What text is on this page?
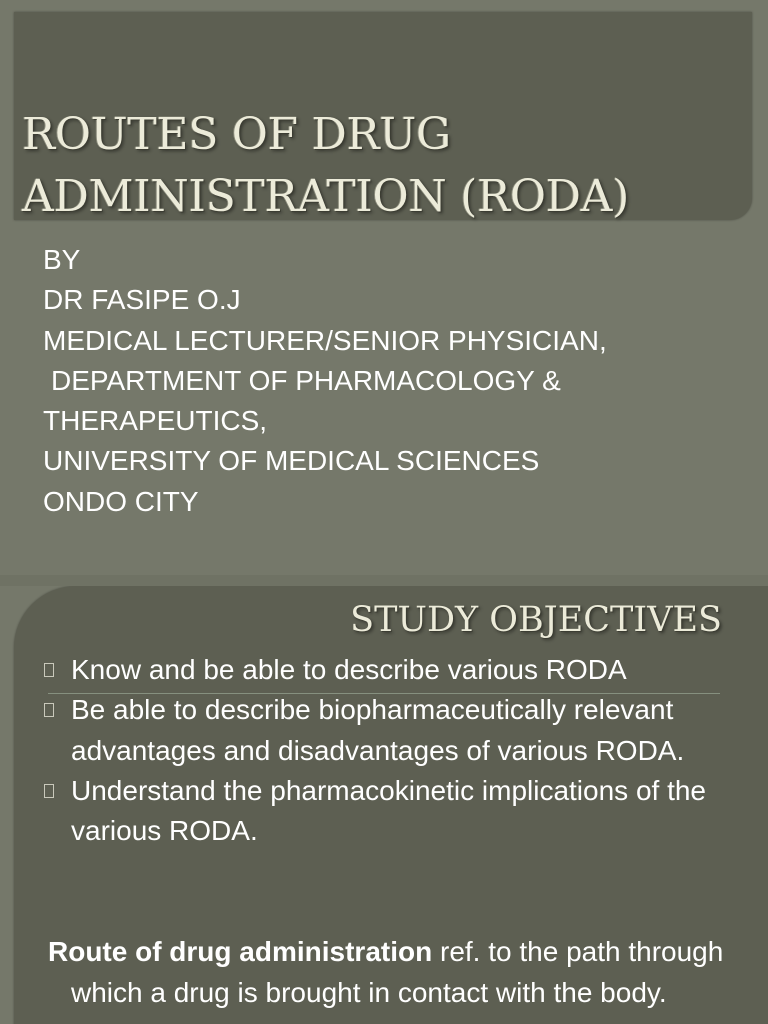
ROUTES OF DRUG
ADMINISTRATION (RODA)
BY
DR FASIPE O.J
MEDICAL LECTURER/SENIOR PHYSICIAN,
DEPARTMENT OF PHARMACOLOGY &
THERAPEUTICS,
UNIVERSITY OF MEDICAL SCIENCES
ONDO CITY
STUDY OBJECTIVES
Know and be able to describe various RODA
Be able to describe biopharmaceutically relevant advantages and disadvantages of various RODA.
Understand the pharmacokinetic implications of the various RODA.

Route of drug administration ref. to the path through which a drug is brought in contact with the body.
